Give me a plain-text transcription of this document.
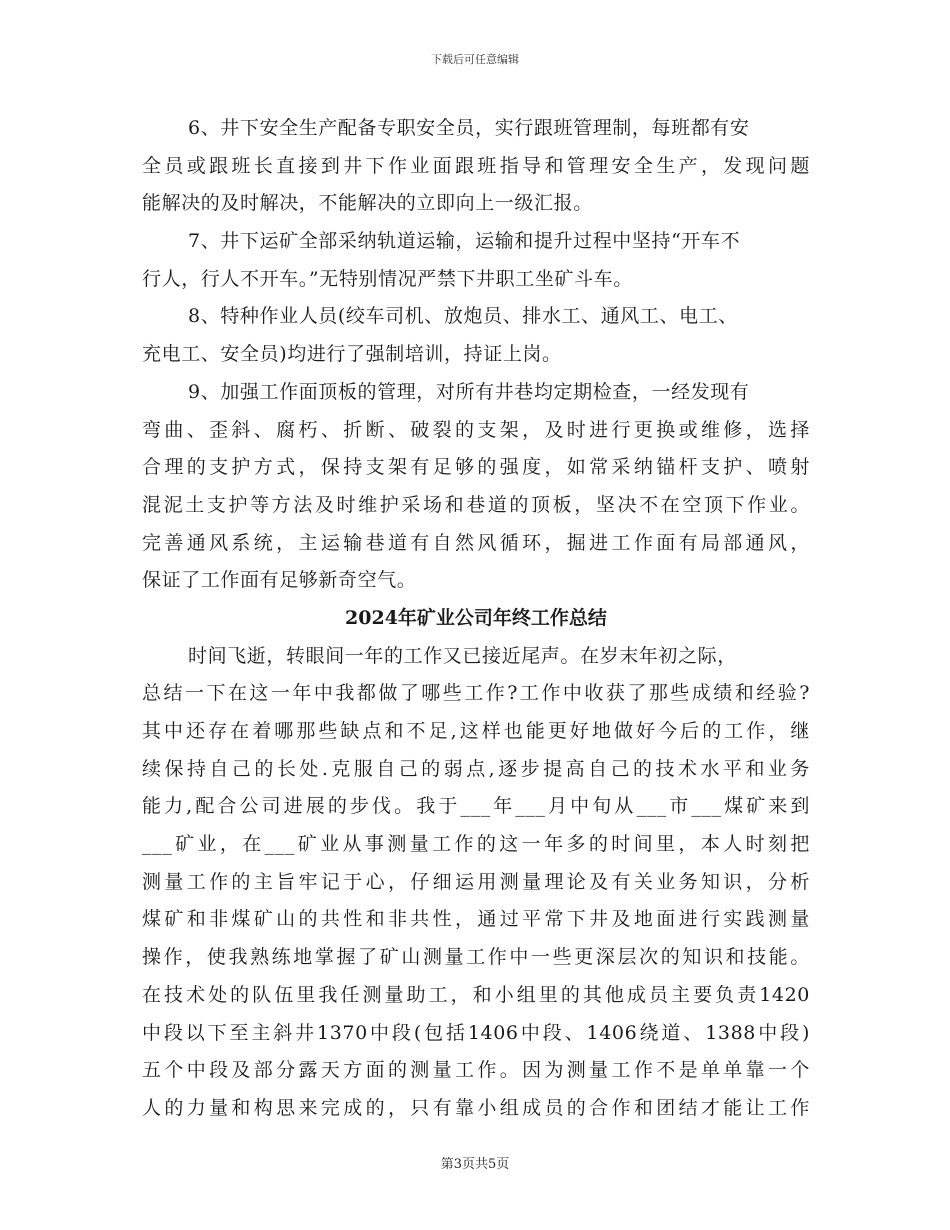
下载后可任意编辑
6、井下安全生产配备专职安全员，实行跟班管理制，每班都有安
全员或跟班长直接到井下作业面跟班指导和管理安全生产，发现问题
能解决的及时解决，不能解决的立即向上一级汇报。
7、井下运矿全部采纳轨道运输，运输和提升过程中坚持“开车不
行人，行人不开车。”无特别情况严禁下井职工坐矿斗车。
8、特种作业人员(绞车司机、放炮员、排水工、通风工、电工、
充电工、安全员)均进行了强制培训，持证上岗。
9、加强工作面顶板的管理，对所有井巷均定期检查，一经发现有
弯曲、歪斜、腐朽、折断、破裂的支架，及时进行更换或维修，选择
合理的支护方式，保持支架有足够的强度，如常采纳锚杆支护、喷射
混泥土支护等方法及时维护采场和巷道的顶板，坚决不在空顶下作业。
完善通风系统，主运输巷道有自然风循环，掘进工作面有局部通风，
保证了工作面有足够新奇空气。
2024年矿业公司年终工作总结
时间飞逝，转眼间一年的工作又已接近尾声。在岁末年初之际，
总结一下在这一年中我都做了哪些工作?工作中收获了那些成绩和经验?
其中还存在着哪那些缺点和不足,这样也能更好地做好今后的工作，继
续保持自己的长处.克服自己的弱点,逐步提高自己的技术水平和业务
能力,配合公司进展的步伐。我于___年___月中旬从___市___煤矿来到
___矿业，在___矿业从事测量工作的这一年多的时间里，本人时刻把
测量工作的主旨牢记于心，仔细运用测量理论及有关业务知识，分析
煤矿和非煤矿山的共性和非共性，通过平常下井及地面进行实践测量
操作，使我熟练地掌握了矿山测量工作中一些更深层次的知识和技能。
在技术处的队伍里我任测量助工，和小组里的其他成员主要负责1420
中段以下至主斜井1370中段(包括1406中段、1406绕道、1388中段)
五个中段及部分露天方面的测量工作。因为测量工作不是单单靠一个
人的力量和构思来完成的，只有靠小组成员的合作和团结才能让工作
第3页共5页
